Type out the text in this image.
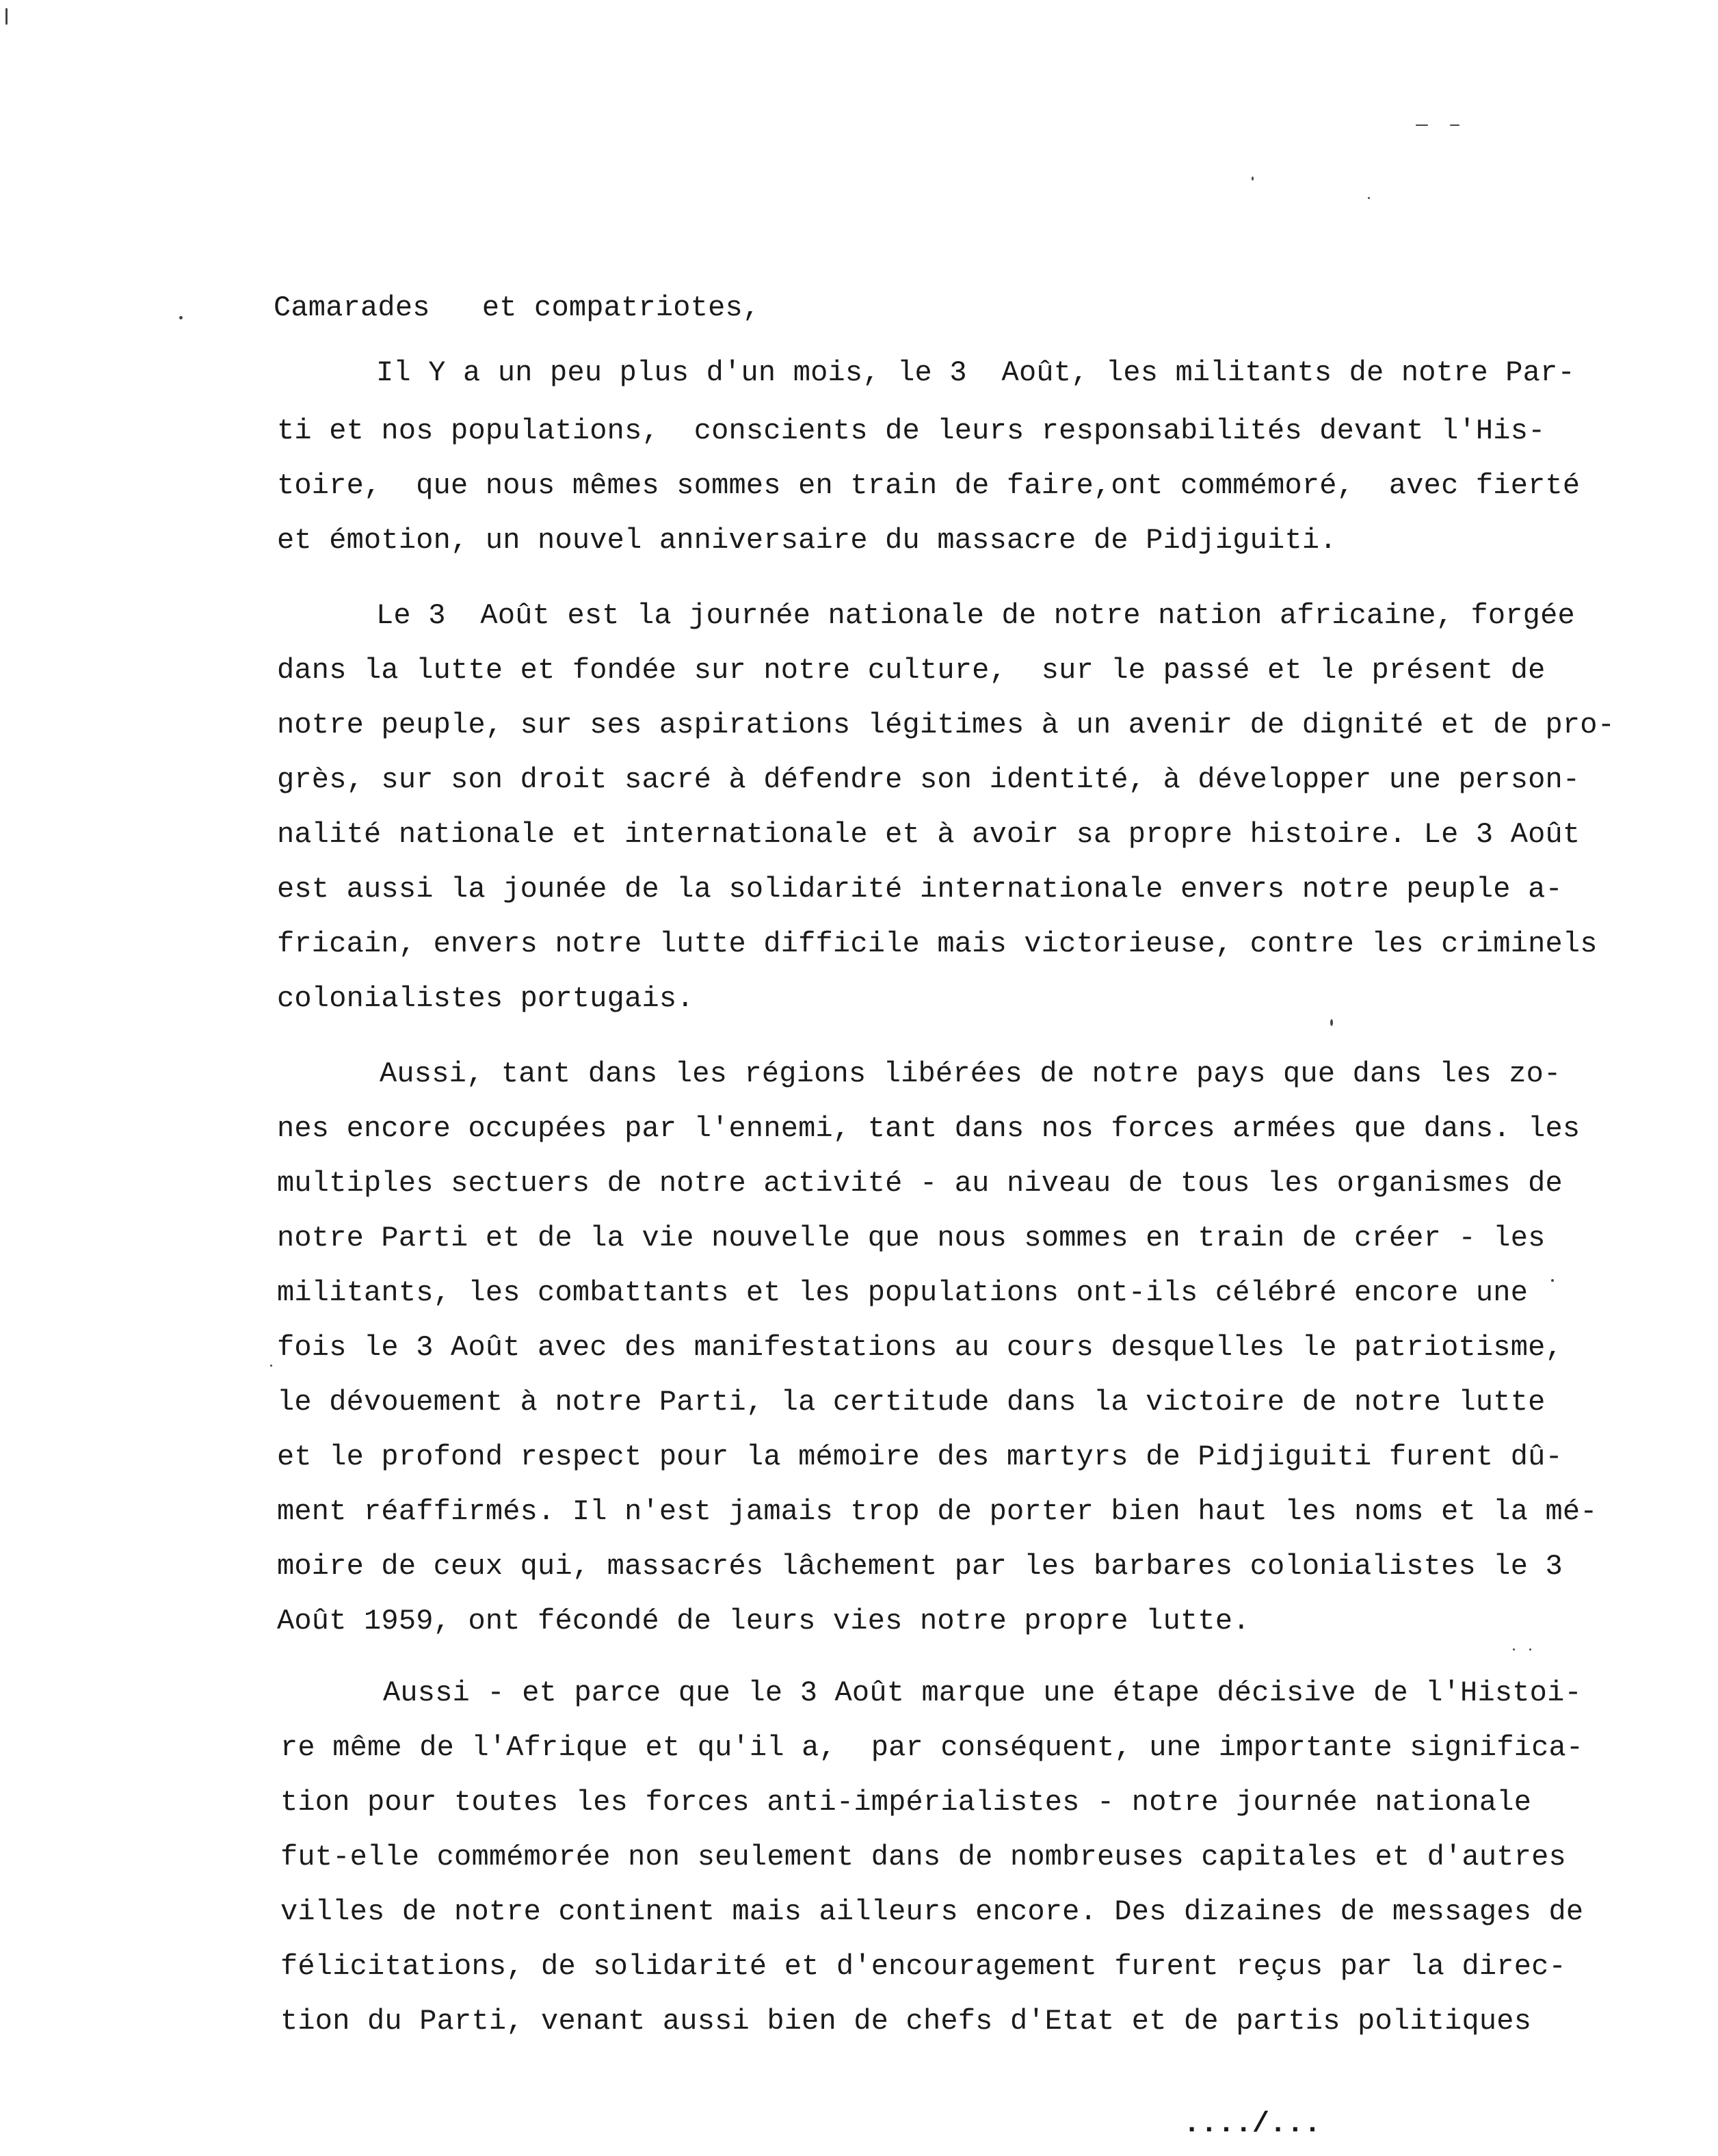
Camarades   et compatriotes,
Il Y a un peu plus d'un mois, le 3  Août, les militants de notre Par-
ti et nos populations,  conscients de leurs responsabilités devant l'His-
toire,  que nous mêmes sommes en train de faire,ont commémoré,  avec fierté
et émotion, un nouvel anniversaire du massacre de Pidjiguiti.
Le 3  Août est la journée nationale de notre nation africaine, forgée
dans la lutte et fondée sur notre culture,  sur le passé et le présent de
notre peuple, sur ses aspirations légitimes à un avenir de dignité et de pro-
grès, sur son droit sacré à défendre son identité, à développer une person-
nalité nationale et internationale et à avoir sa propre histoire. Le 3 Août
est aussi la jounée de la solidarité internationale envers notre peuple a-
fricain, envers notre lutte difficile mais victorieuse, contre les criminels
colonialistes portugais.
Aussi, tant dans les régions libérées de notre pays que dans les zo-
nes encore occupées par l'ennemi, tant dans nos forces armées que dans. les
multiples sectuers de notre activité - au niveau de tous les organismes de
notre Parti et de la vie nouvelle que nous sommes en train de créer - les
militants, les combattants et les populations ont-ils célébré encore une
fois le 3 Août avec des manifestations au cours desquelles le patriotisme,
le dévouement à notre Parti, la certitude dans la victoire de notre lutte
et le profond respect pour la mémoire des martyrs de Pidjiguiti furent dû-
ment réaffirmés. Il n'est jamais trop de porter bien haut les noms et la mé-
moire de ceux qui, massacrés lâchement par les barbares colonialistes le 3
Août 1959, ont fécondé de leurs vies notre propre lutte.
Aussi - et parce que le 3 Août marque une étape décisive de l'Histoi-
re même de l'Afrique et qu'il a,  par conséquent, une importante significa-
tion pour toutes les forces anti-impérialistes - notre journée nationale
fut-elle commémorée non seulement dans de nombreuses capitales et d'autres
villes de notre continent mais ailleurs encore. Des dizaines de messages de
félicitations, de solidarité et d'encouragement furent reçus par la direc-
tion du Parti, venant aussi bien de chefs d'Etat et de partis politiques
..../...
